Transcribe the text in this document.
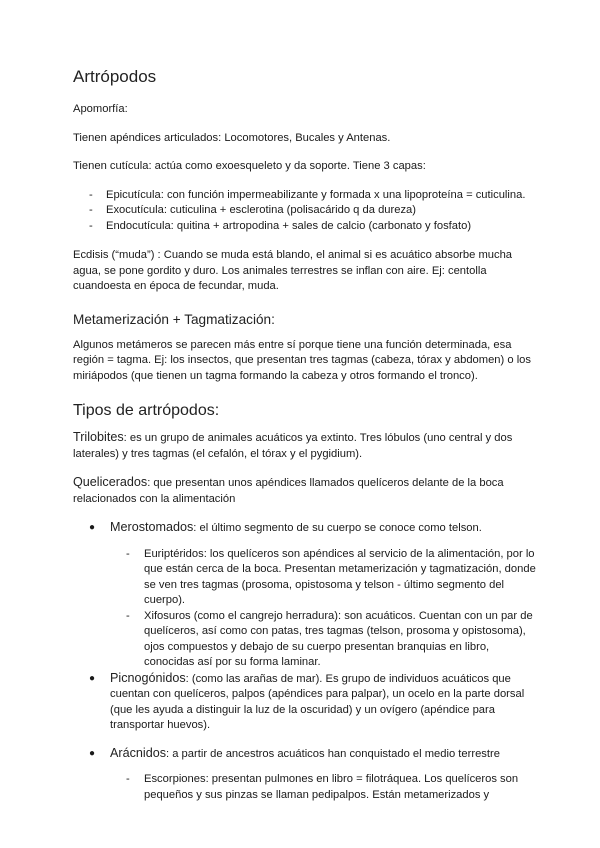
Artrópodos

Apomorfía:

Tienen apéndices articulados: Locomotores, Bucales y Antenas.

Tienen cutícula: actúa como exoesqueleto y da soporte. Tiene 3 capas:

- Epicutícula: con función impermeabilizante y formada x una lipoproteína = cuticulina.
- Exocutícula: cuticulina + esclerotina (polisacárido q da dureza)
- Endocutícula: quitina + artropodina + sales de calcio (carbonato y fosfato)

Ecdisis (“muda”) : Cuando se muda está blando, el animal si es acuático absorbe mucha agua, se pone gordito y duro. Los animales terrestres se inflan con aire. Ej: centolla cuandoesta en época de fecundar, muda.

Metamerización + Tagmatización:

Algunos metámeros se parecen más entre sí porque tiene una función determinada, esa región = tagma. Ej: los insectos, que presentan tres tagmas (cabeza, tórax y abdomen) o los miriápodos (que tienen un tagma formando la cabeza y otros formando el tronco).

Tipos de artrópodos:

Trilobites: es un grupo de animales acuáticos ya extinto. Tres lóbulos (uno central y dos laterales) y tres tagmas (el cefalón, el tórax y el pygidium).

Quelicerados: que presentan unos apéndices llamados quelíceros delante de la boca relacionados con la alimentación

● Merostomados: el último segmento de su cuerpo se conoce como telson.
- Euriptéridos: los quelíceros son apéndices al servicio de la alimentación, por lo que están cerca de la boca. Presentan metamerización y tagmatización, donde se ven tres tagmas (prosoma, opistosoma y telson - último segmento del cuerpo).
- Xifosuros (como el cangrejo herradura): son acuáticos. Cuentan con un par de quelíceros, así como con patas, tres tagmas (telson, prosoma y opistosoma), ojos compuestos y debajo de su cuerpo presentan branquias en libro, conocidas así por su forma laminar.
● Picnogónidos: (como las arañas de mar). Es grupo de individuos acuáticos que cuentan con quelíceros, palpos (apéndices para palpar), un ocelo en la parte dorsal (que les ayuda a distinguir la luz de la oscuridad) y un ovígero (apéndice para transportar huevos).
● Arácnidos: a partir de ancestros acuáticos han conquistado el medio terrestre
- Escorpiones: presentan pulmones en libro = filotráquea. Los quelíceros son pequeños y sus pinzas se llaman pedipalpos. Están metamerizados y
